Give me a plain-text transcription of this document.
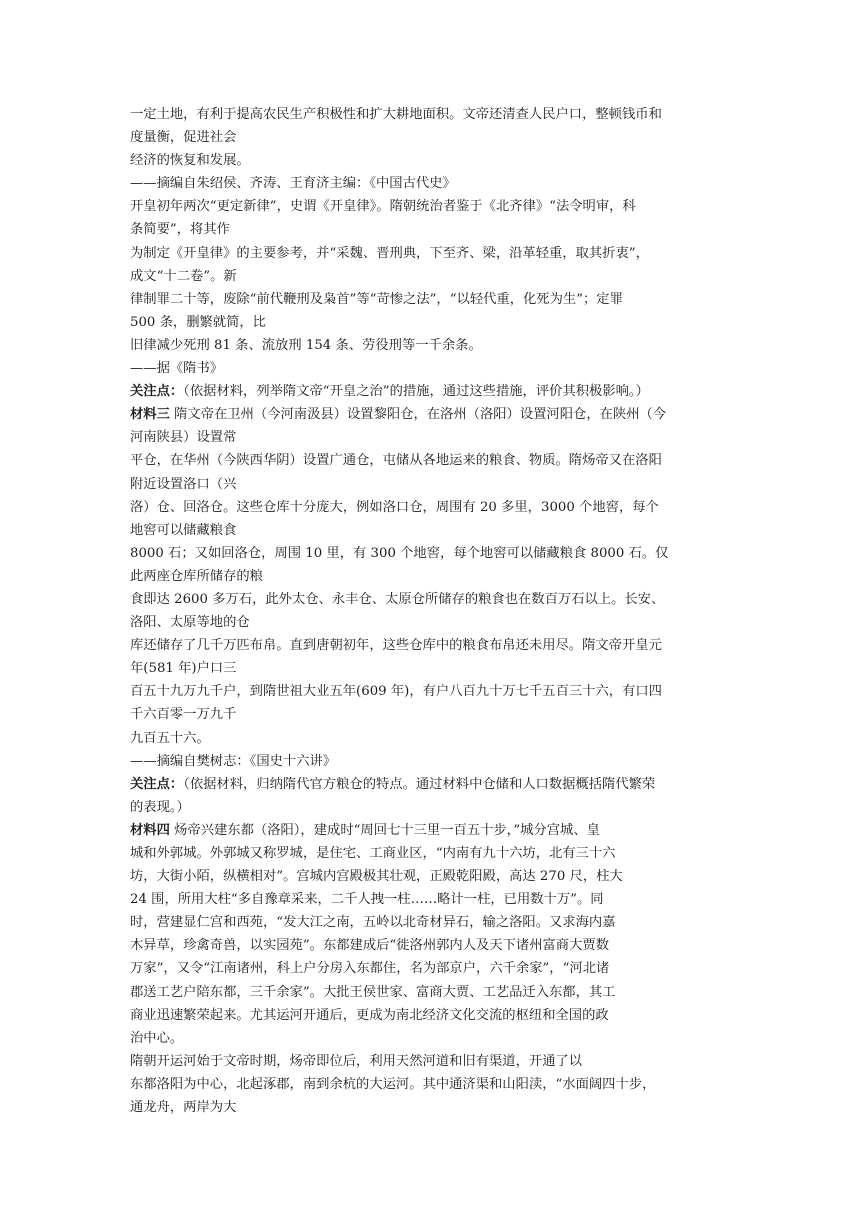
一定土地，有利于提高农民生产积极性和扩大耕地面积。文帝还清查人民户口，整顿钱币和
度量衡，促进社会
经济的恢复和发展。
——摘编自朱绍侯、齐涛、王育济主编：《中国古代史》
开皇初年两次“更定新律”，史谓《开皇律》。隋朝统治者鉴于《北齐律》“法令明审，科
条简要”，将其作
为制定《开皇律》的主要参考，并“采魏、晋刑典，下至齐、梁，沿革轻重，取其折衷”，
成文“十二卷”。新
律制罪二十等，废除“前代鞭刑及枭首”等“苛惨之法”，“以轻代重，化死为生”；定罪
500 条，删繁就简，比
旧律减少死刑 81 条、流放刑 154 条、劳役刑等一千余条。
——据《隋书》
关注点：（依据材料，列举隋文帝“开皇之治”的措施，通过这些措施，评价其积极影响。）
材料三 隋文帝在卫州（今河南汲县）设置黎阳仓，在洛州（洛阳）设置河阳仓，在陕州（今
河南陕县）设置常
平仓，在华州（今陕西华阴）设置广通仓，屯储从各地运来的粮食、物质。隋炀帝又在洛阳
附近设置洛口（兴
洛）仓、回洛仓。这些仓库十分庞大，例如洛口仓，周围有 20 多里，3000 个地窖，每个
地窖可以储藏粮食
8000 石；又如回洛仓，周围 10 里，有 300 个地窖，每个地窖可以储藏粮食 8000 石。仅
此两座仓库所储存的粮
食即达 2600 多万石，此外太仓、永丰仓、太原仓所储存的粮食也在数百万石以上。长安、
洛阳、太原等地的仓
库还储存了几千万匹布帛。直到唐朝初年，这些仓库中的粮食布帛还未用尽。隋文帝开皇元
年(581 年)户口三
百五十九万九千户，到隋世祖大业五年(609 年)，有户八百九十万七千五百三十六，有口四
千六百零一万九千
九百五十六。
——摘编自樊树志：《国史十六讲》
关注点：（依据材料，归纳隋代官方粮仓的特点。通过材料中仓储和人口数据概括隋代繁荣
的表现。）
材料四 炀帝兴建东都（洛阳），建成时“周回七十三里一百五十步，”城分宫城、皇
城和外郭城。外郭城又称罗城，是住宅、工商业区，“内南有九十六坊，北有三十六
坊，大街小陌，纵横相对”。宫城内宫殿极其壮观，正殿乾阳殿，高达 270 尺，柱大
24 围，所用大柱“多自豫章采来，二千人拽一柱……略计一柱，已用数十万”。同
时，营建显仁宫和西苑，“发大江之南，五岭以北奇材异石，输之洛阳。又求海内嘉
木异草，珍禽奇兽，以实园苑”。东都建成后“徙洛州郭内人及天下诸州富商大贾数
万家”，又令“江南诸州，科上户分房入东都住，名为部京户，六千余家”，“河北诸
郡送工艺户陪东都，三千余家”。大批王侯世家、富商大贾、工艺品迁入东都，其工
商业迅速繁荣起来。尤其运河开通后，更成为南北经济文化交流的枢纽和全国的政
治中心。
隋朝开运河始于文帝时期，炀帝即位后，利用天然河道和旧有渠道，开通了以
东都洛阳为中心，北起涿郡，南到余杭的大运河。其中通济渠和山阳渎，“水面阔四十步，
通龙舟，两岸为大
